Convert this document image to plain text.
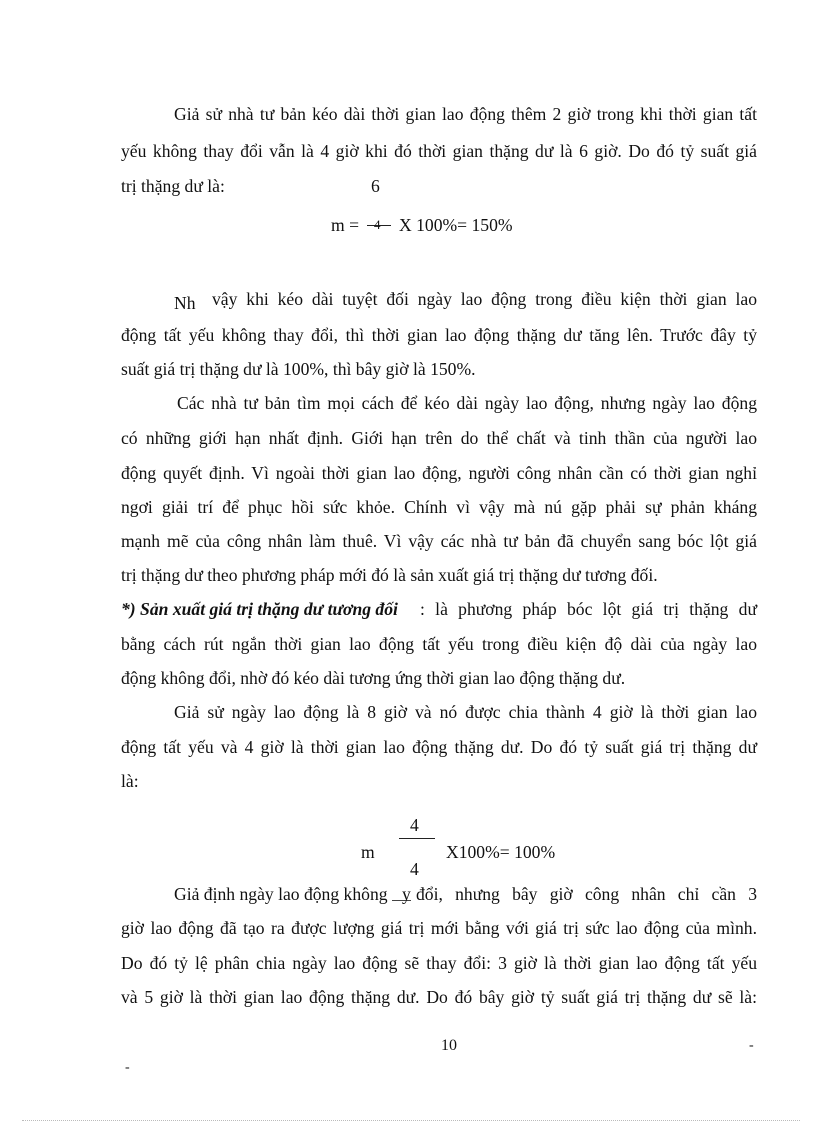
Giả sử nhà tư bản kéo dài thời gian lao động thêm 2 giờ trong khi thời gian tất
yếu không thay đổi vẫn là 4 giờ khi đó thời gian thặng dư là 6 giờ. Do đó tỷ suất giá
trị thặng dư là:	6
m = 4 X 100%= 150%
Nh vậy khi kéo dài tuyệt đối ngày lao động trong điều kiện thời gian lao
động tất yếu không thay đổi, thì thời gian lao động thặng dư tăng lên. Trước đây tỷ
suất giá trị thặng dư là 100%, thì bây giờ là 150%.
Các nhà tư bản tìm mọi cách để kéo dài ngày lao động, nhưng ngày lao động
có những giới hạn nhất định. Giới hạn trên do thể chất và tinh thần của người lao
động quyết định. Vì ngoài thời gian lao động, người công nhân cần có thời gian nghỉ
ngơi giải trí để phục hồi sức khỏe. Chính vì vậy mà nú gặp phải sự phản kháng
mạnh mẽ của công nhân làm thuê. Vì vậy các nhà tư bản đã chuyển sang bóc lột giá
trị thặng dư theo phương pháp mới đó là sản xuất giá trị thặng dư tương đối.
*) Sản xuất giá trị thặng dư tương đối : là phương pháp bóc lột giá trị thặng dư
bằng cách rút ngắn thời gian lao động tất yếu trong điều kiện độ dài của ngày lao
động không đổi, nhờ đó kéo dài tương ứng thời gian lao động thặng dư.
Giả sử ngày lao động là 8 giờ và nó được chia thành 4 giờ là thời gian lao
động tất yếu và 4 giờ là thời gian lao động thặng dư. Do đó tỷ suất giá trị thặng dư
là:
4
m
4
X100%= 100%
Giả định ngày lao động không y đổi, nhưng bây giờ công nhân chỉ cần 3
giờ lao động đã tạo ra được lượng giá trị mới bằng với giá trị sức lao động của mình.
Do đó tỷ lệ phân chia ngày lao động sẽ thay đổi: 3 giờ là thời gian lao động tất yếu
và 5 giờ là thời gian lao động thặng dư. Do đó bây giờ tỷ suất giá trị thặng dư sẽ là:
10	-
-
